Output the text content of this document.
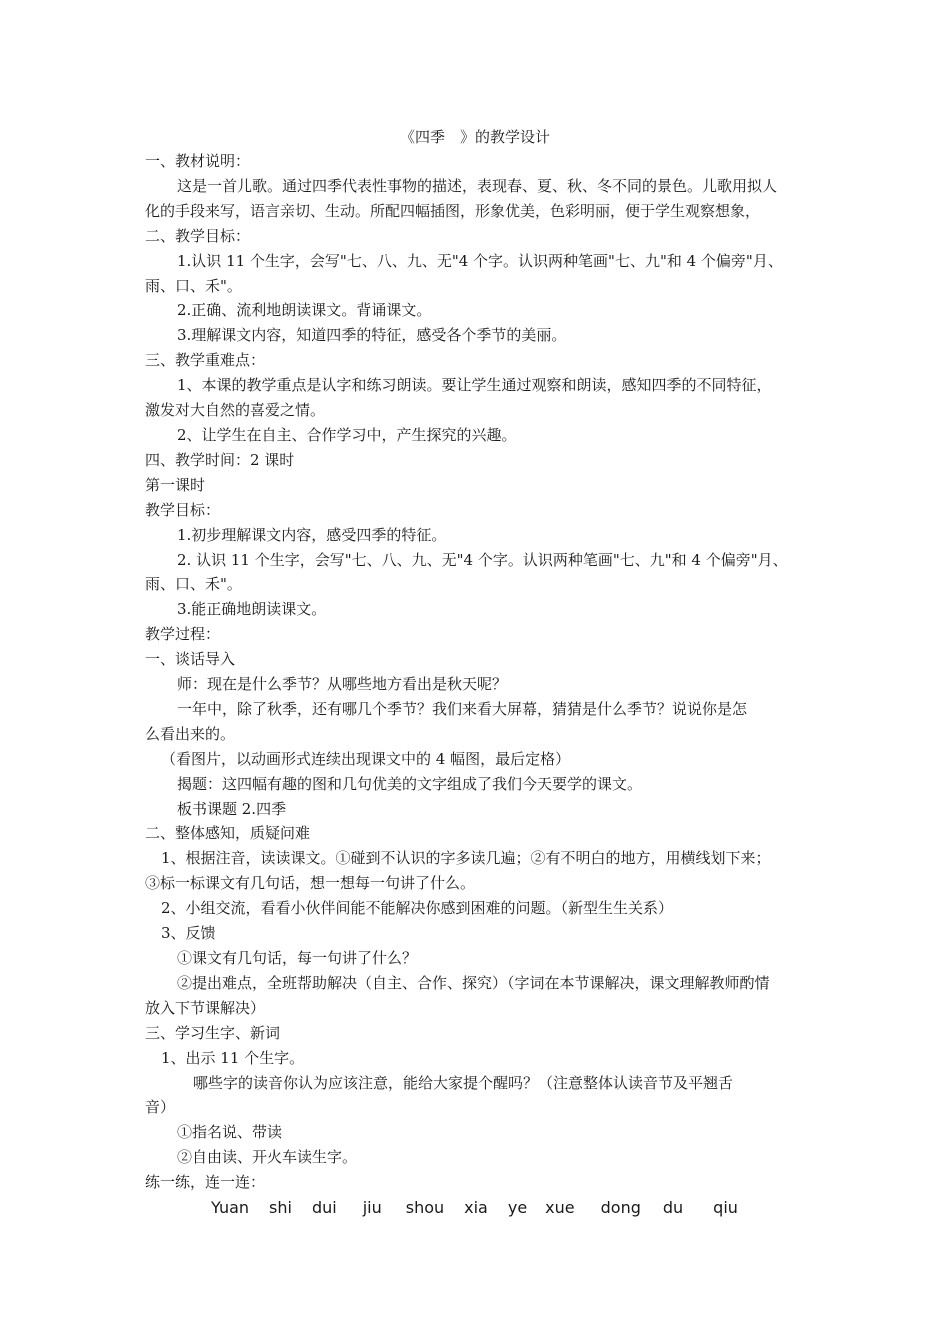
《四季　》的教学设计
一、教材说明：
这是一首儿歌。通过四季代表性事物的描述，表现春、夏、秋、冬不同的景色。儿歌用拟人
化的手段来写，语言亲切、生动。所配四幅插图，形象优美，色彩明丽，便于学生观察想象，
二、教学目标：
1.认识 11 个生字，会写"七、八、九、无"4 个字。认识两种笔画"七、九"和 4 个偏旁"月、
雨、口、禾"。
2.正确、流利地朗读课文。背诵课文。
3.理解课文内容，知道四季的特征，感受各个季节的美丽。
三、教学重难点：
1、本课的教学重点是认字和练习朗读。要让学生通过观察和朗读，感知四季的不同特征，
激发对大自然的喜爱之情。
2、让学生在自主、合作学习中，产生探究的兴趣。
四、教学时间：2 课时
第一课时
教学目标：
1.初步理解课文内容，感受四季的特征。
2. 认识 11 个生字，会写"七、八、九、无"4 个字。认识两种笔画"七、九"和 4 个偏旁"月、
雨、口、禾"。
3.能正确地朗读课文。
教学过程：
一、谈话导入
师：现在是什么季节？从哪些地方看出是秋天呢？
一年中，除了秋季，还有哪几个季节？我们来看大屏幕，猜猜是什么季节？说说你是怎
么看出来的。
（看图片，以动画形式连续出现课文中的 4 幅图，最后定格）
揭题：这四幅有趣的图和几句优美的文字组成了我们今天要学的课文。
板书课题 2.四季
二、整体感知，质疑问难
1、根据注音，读读课文。①碰到不认识的字多读几遍；②有不明白的地方，用横线划下来；
③标一标课文有几句话，想一想每一句讲了什么。
2、小组交流，看看小伙伴间能不能解决你感到困难的问题。（新型生生关系）
3、反馈
①课文有几句话，每一句讲了什么？
②提出难点，全班帮助解决（自主、合作、探究）（字词在本节课解决，课文理解教师酌情
放入下节课解决）
三、学习生字、新词
1、出示 11 个生字。
哪些字的读音你认为应该注意，能给大家提个醒吗？（注意整体认读音节及平翘舌
音）
①指名说、带读
②自由读、开火车读生字。
练一练，连一连：
Yuan shi dui jiu shou xia ye xue dong du qiu
